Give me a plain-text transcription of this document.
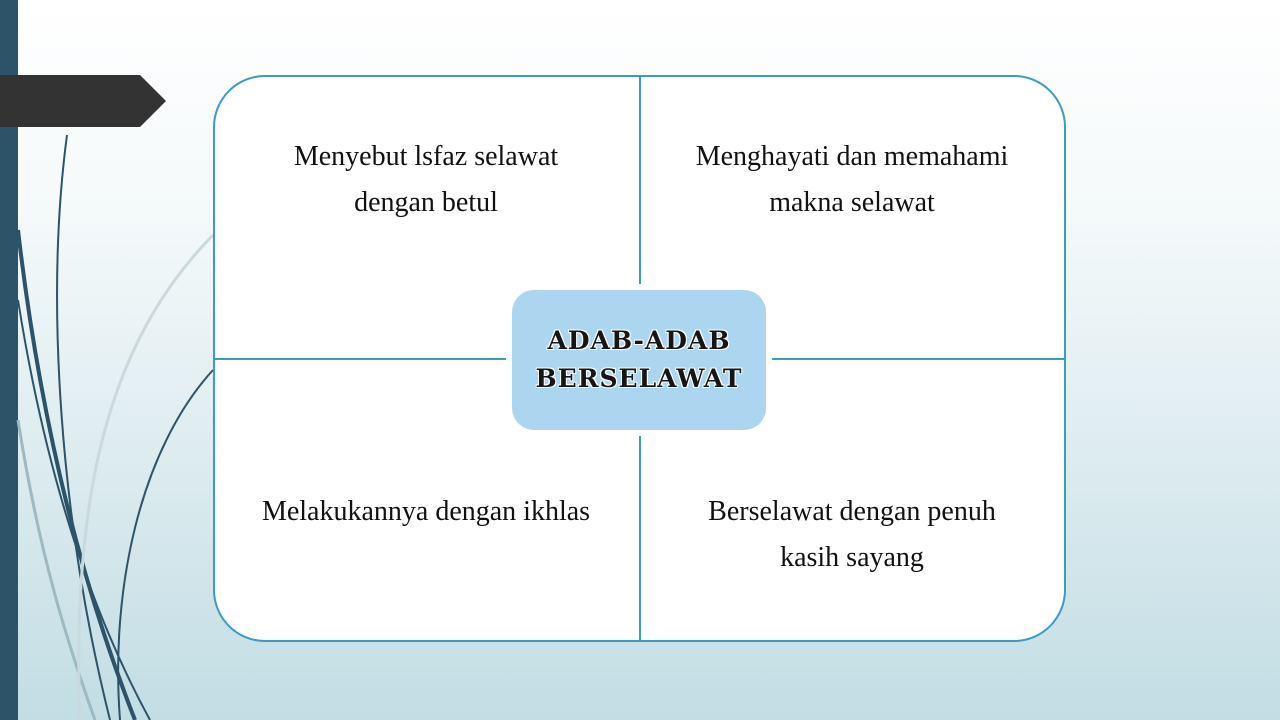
Menyebut lsfaz selawat dengan betul
Menghayati dan memahami makna selawat
Melakukannya dengan ikhlas	Berselawat dengan penuh kasih sayang
ADAB-ADAB BERSELAWAT
